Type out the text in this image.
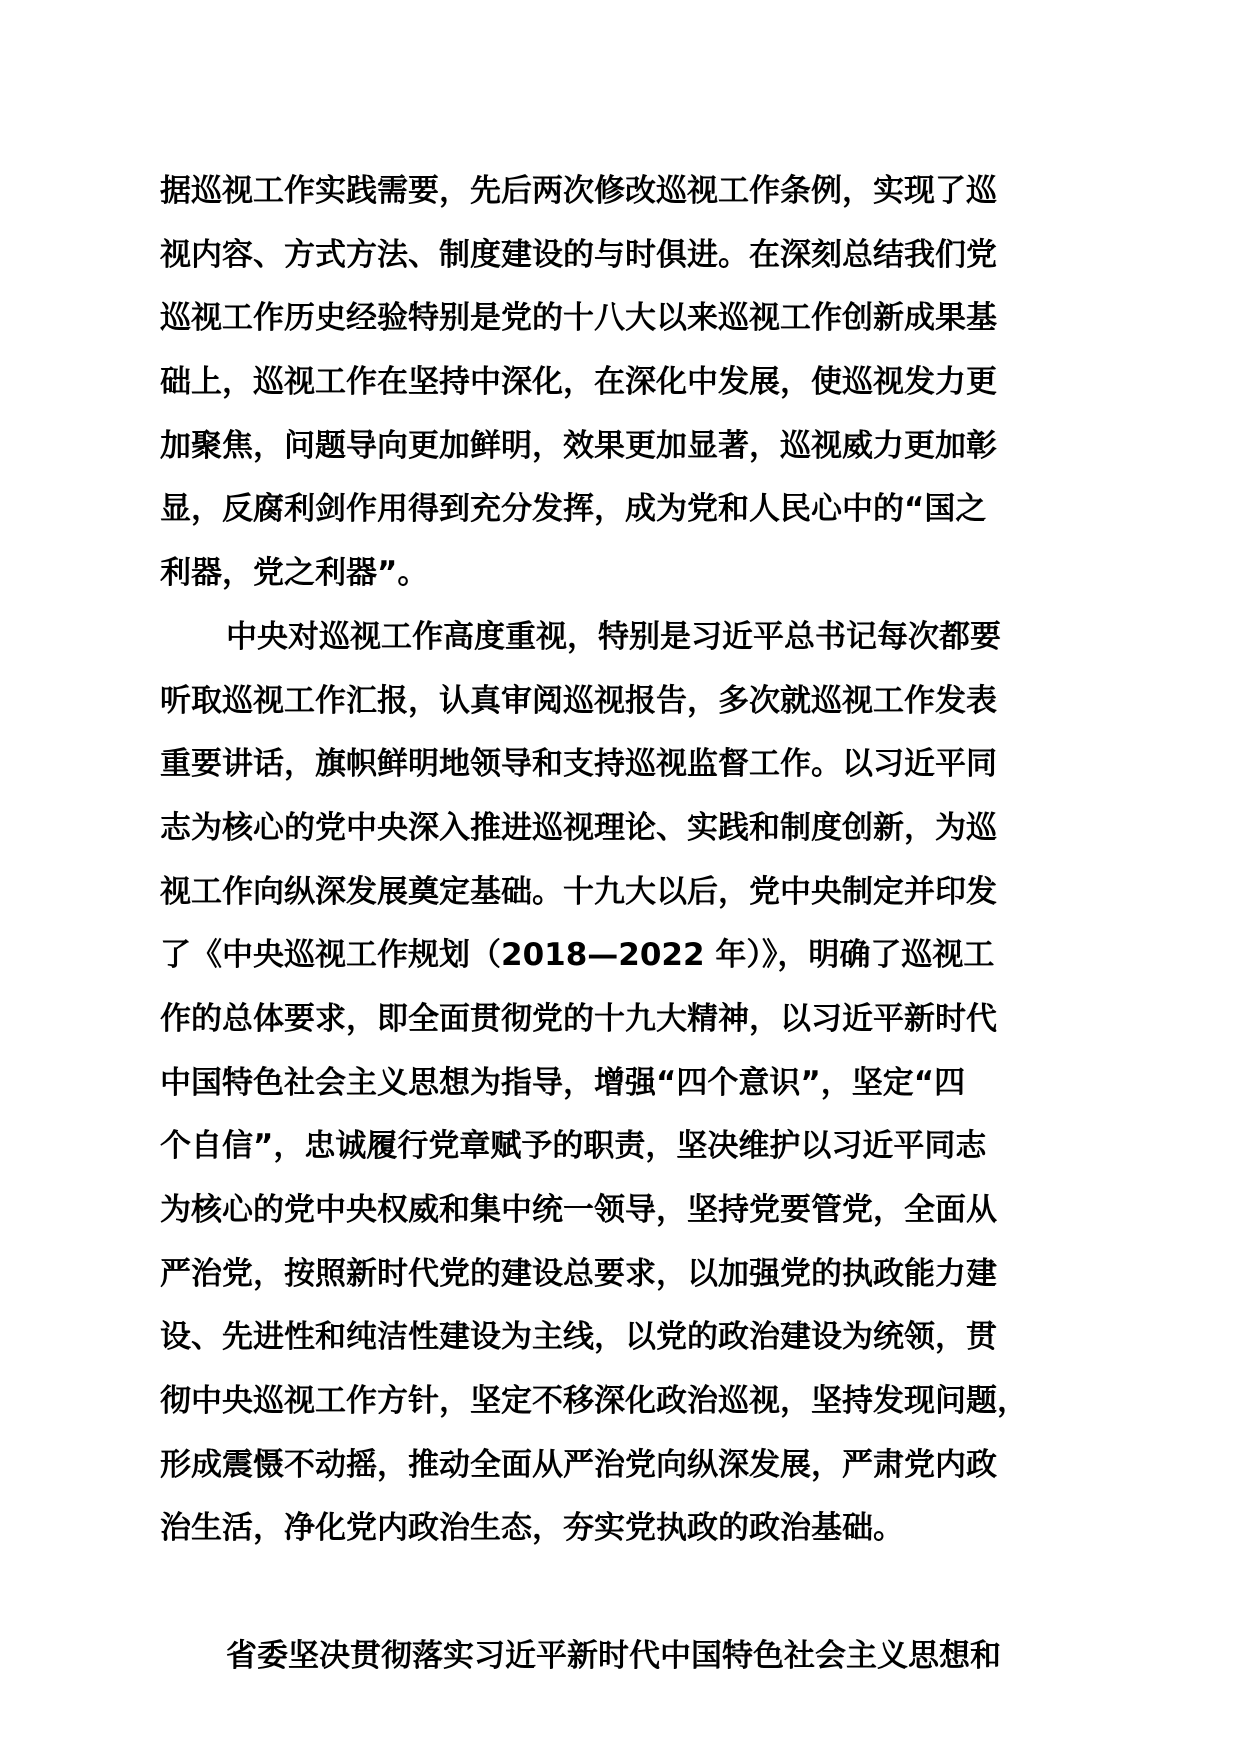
据巡视工作实践需要，先后两次修改巡视工作条例，实现了巡
视内容、方式方法、制度建设的与时俱进。在深刻总结我们党
巡视工作历史经验特别是党的十八大以来巡视工作创新成果基
础上，巡视工作在坚持中深化，在深化中发展，使巡视发力更
加聚焦，问题导向更加鲜明，效果更加显著，巡视威力更加彰
显，反腐利剑作用得到充分发挥，成为党和人民心中的“国之
利器，党之利器”。
中央对巡视工作高度重视，特别是习近平总书记每次都要
听取巡视工作汇报，认真审阅巡视报告，多次就巡视工作发表
重要讲话，旗帜鲜明地领导和支持巡视监督工作。以习近平同
志为核心的党中央深入推进巡视理论、实践和制度创新，为巡
视工作向纵深发展奠定基础。十九大以后，党中央制定并印发
了《中央巡视工作规划（2018—2022 年）》，明确了巡视工
作的总体要求，即全面贯彻党的十九大精神，以习近平新时代
中国特色社会主义思想为指导，增强“四个意识”，坚定“四
个自信”，忠诚履行党章赋予的职责，坚决维护以习近平同志
为核心的党中央权威和集中统一领导，坚持党要管党，全面从
严治党，按照新时代党的建设总要求，以加强党的执政能力建
设、先进性和纯洁性建设为主线，以党的政治建设为统领，贯
彻中央巡视工作方针，坚定不移深化政治巡视，坚持发现问题，
形成震慑不动摇，推动全面从严治党向纵深发展，严肃党内政
治生活，净化党内政治生态，夯实党执政的政治基础。
省委坚决贯彻落实习近平新时代中国特色社会主义思想和
